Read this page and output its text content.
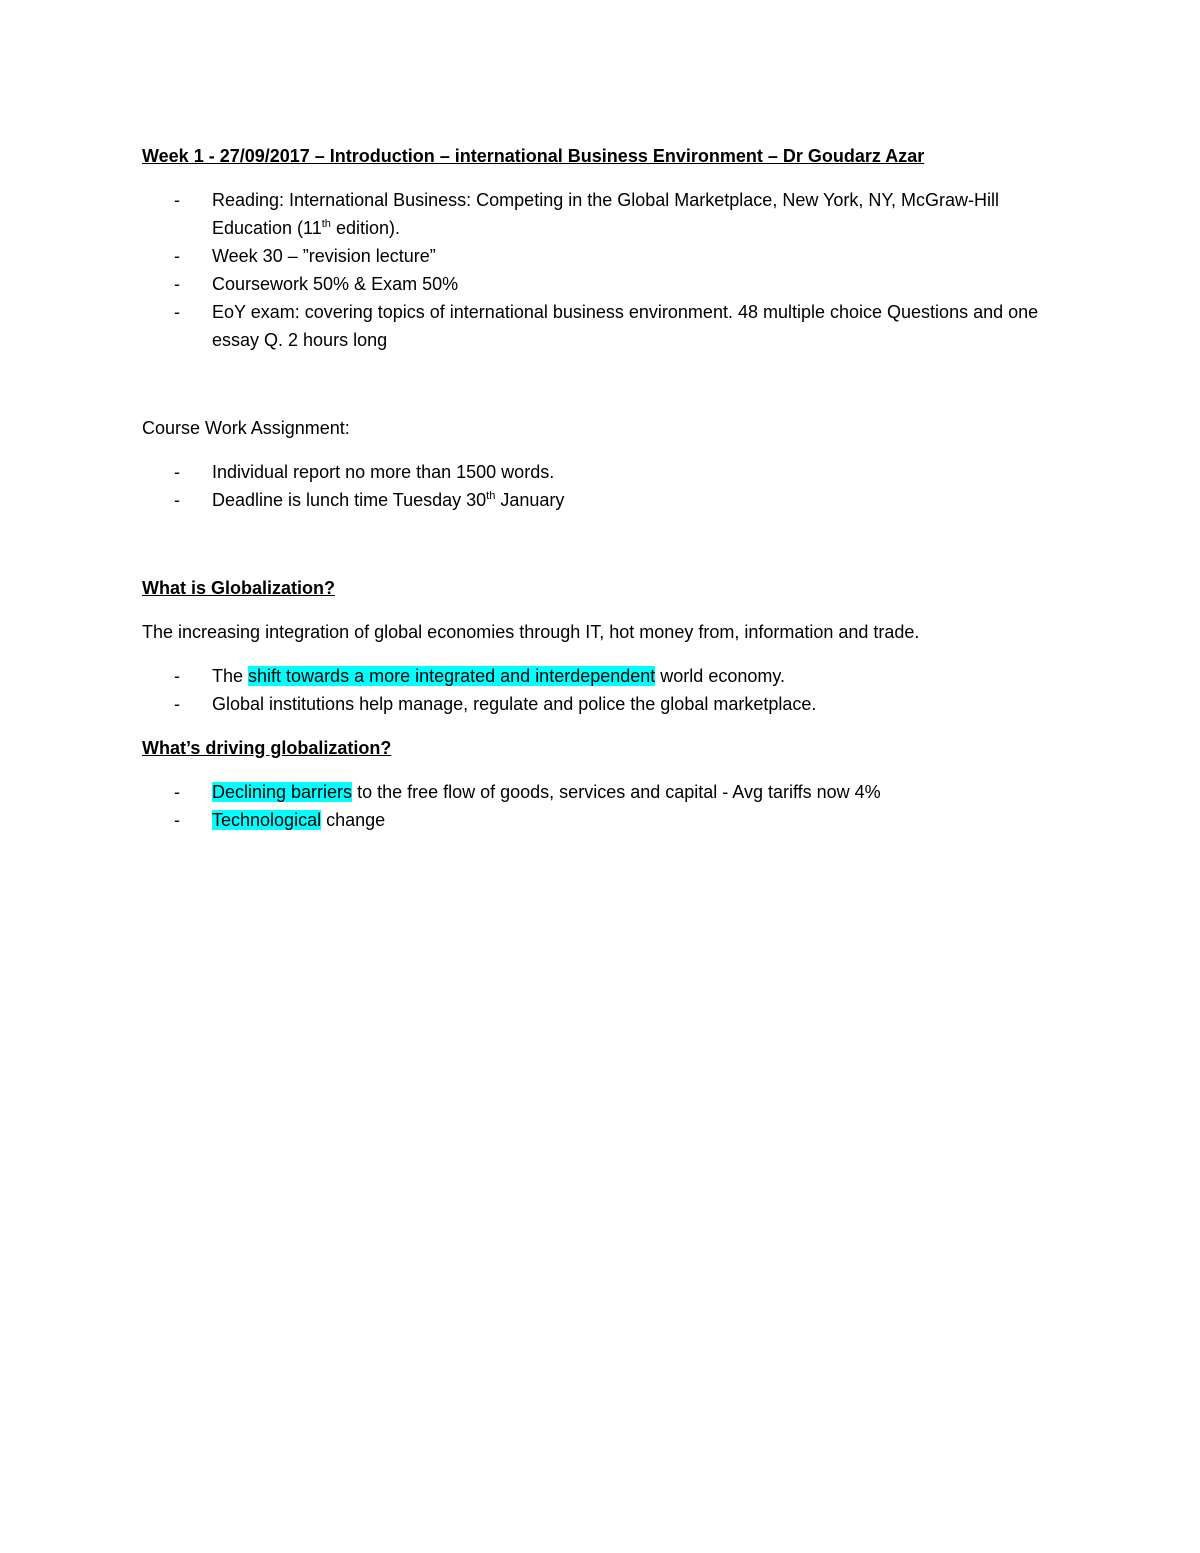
Week 1 - 27/09/2017 – Introduction – international Business Environment – Dr Goudarz Azar

- Reading: International Business: Competing in the Global Marketplace, New York, NY, McGraw-Hill Education (11th edition).
- Week 30 – ”revision lecture”
- Coursework 50% & Exam 50%
- EoY exam: covering topics of international business environment. 48 multiple choice Questions and one essay Q. 2 hours long

Course Work Assignment:

- Individual report no more than 1500 words.
- Deadline is lunch time Tuesday 30th January

What is Globalization?

The increasing integration of global economies through IT, hot money from, information and trade.

- The shift towards a more integrated and interdependent world economy.
- Global institutions help manage, regulate and police the global marketplace.

What’s driving globalization?

- Declining barriers to the free flow of goods, services and capital - Avg tariffs now 4%
- Technological change
